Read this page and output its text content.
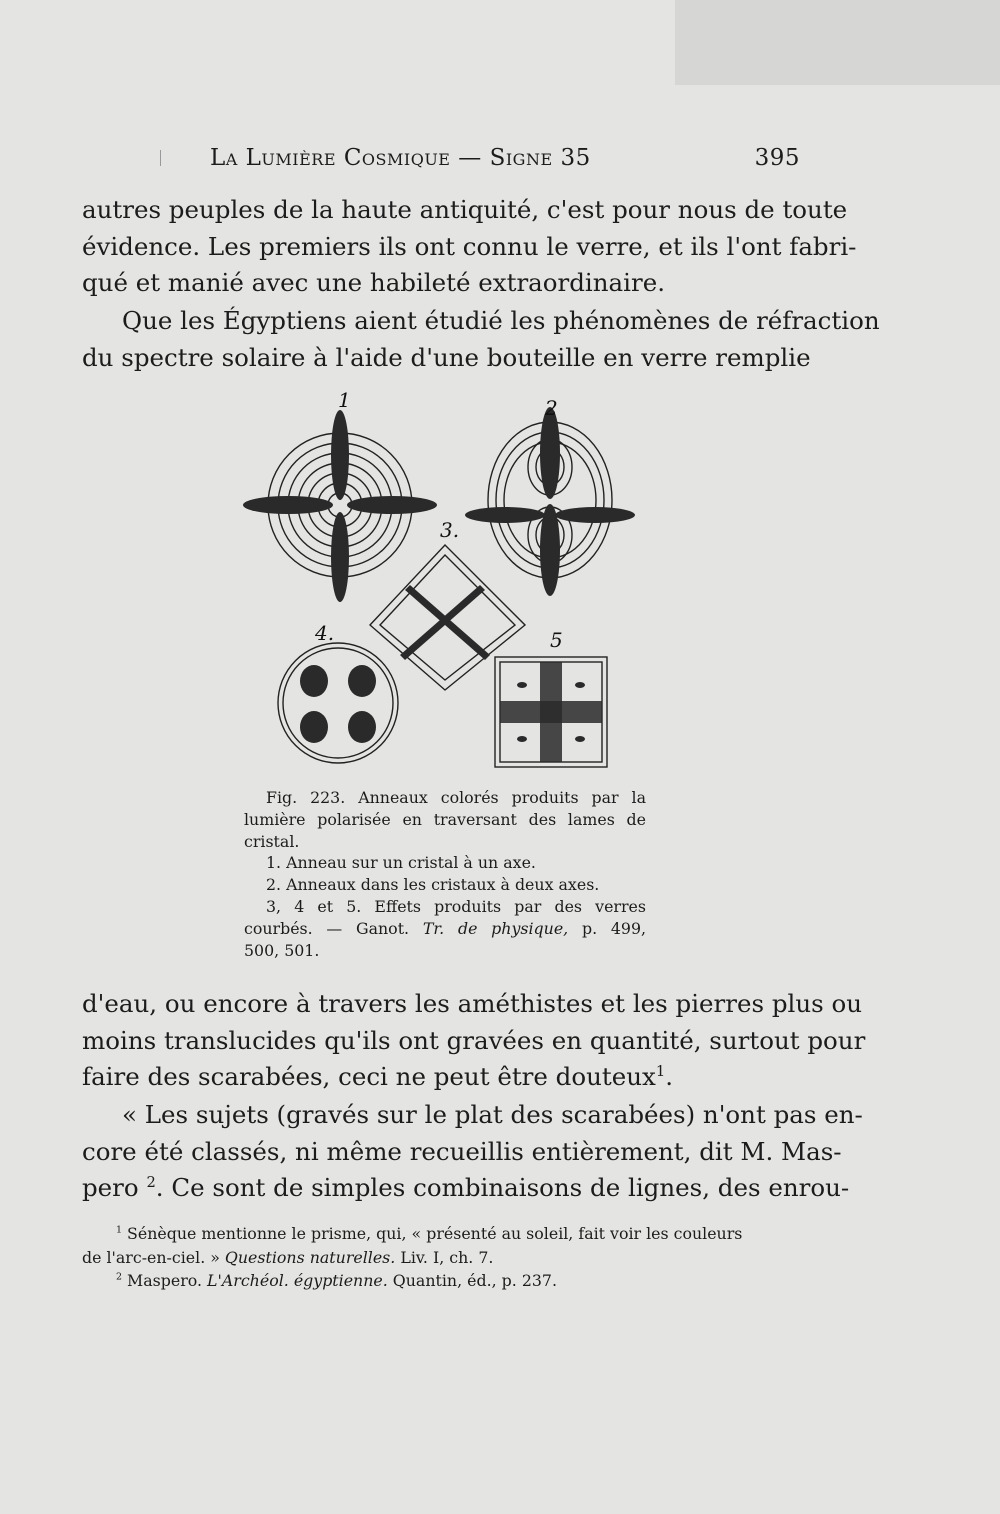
La Lumière Cosmique — Signe 35	395

autres peuples de la haute antiquité, c'est pour nous de toute
évidence. Les premiers ils ont connu le verre, et ils l'ont fabri-
qué et manié avec une habileté extraordinaire.

Que les Égyptiens aient étudié les phénomènes de réfraction
du spectre solaire à l'aide d'une bouteille en verre remplie

1	2
3.
4.	5
Fig. 223. Anneaux colorés produits par la
lumière polarisée en traversant des lames de
cristal.
1. Anneau sur un cristal à un axe.
2. Anneaux dans les cristaux à deux axes.
3, 4 et 5. Effets produits par des verres
courbés. — Ganot. Tr. de physique, p. 499,
500, 501.

d'eau, ou encore à travers les améthistes et les pierres plus ou
moins translucides qu'ils ont gravées en quantité, surtout pour
faire des scarabées, ceci ne peut être douteux$^1$.

« Les sujets (gravés sur le plat des scarabées) n'ont pas en-
core été classés, ni même recueillis entièrement, dit M. Mas-
pero $^2$. Ce sont de simples combinaisons de lignes, des enrou-

$^1$ Sénèque mentionne le prisme, qui, « présenté au soleil, fait voir les couleurs
de l'arc-en-ciel. » Questions naturelles. Liv. I, ch. 7.
$^2$ Maspero. L'Archéol. égyptienne. Quantin, éd., p. 237.
